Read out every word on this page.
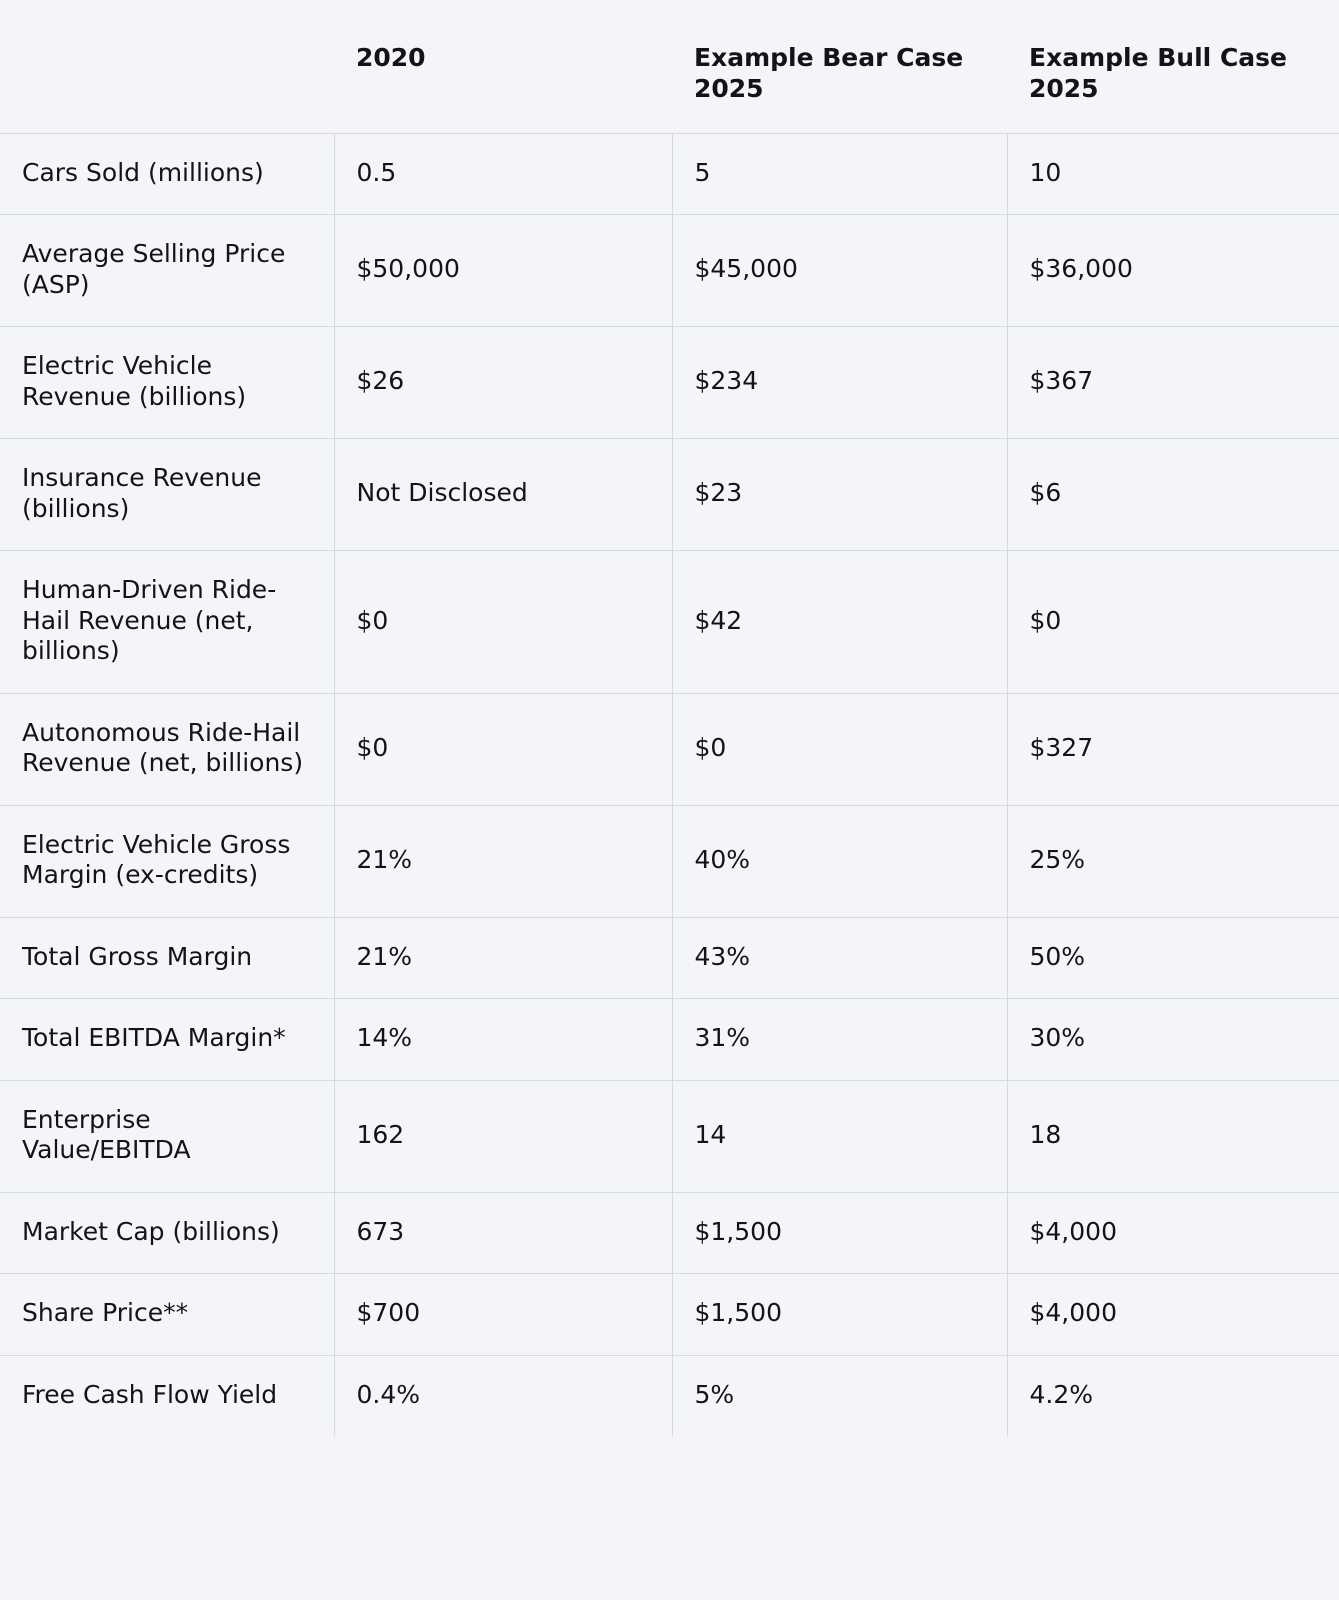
	2020	Example Bear Case 2025	Example Bull Case 2025
Cars Sold (millions)	0.5	5	10
Average Selling Price (ASP)	$50,000	$45,000	$36,000
Electric Vehicle Revenue (billions)	$26	$234	$367
Insurance Revenue (billions)	Not Disclosed	$23	$6
Human-Driven Ride-Hail Revenue (net, billions)	$0	$42	$0
Autonomous Ride-Hail Revenue (net, billions)	$0	$0	$327
Electric Vehicle Gross Margin (ex-credits)	21%	40%	25%
Total Gross Margin	21%	43%	50%
Total EBITDA Margin*	14%	31%	30%
Enterprise Value/EBITDA	162	14	18
Market Cap (billions)	673	$1,500	$4,000
Share Price**	$700	$1,500	$4,000
Free Cash Flow Yield	0.4%	5%	4.2%
